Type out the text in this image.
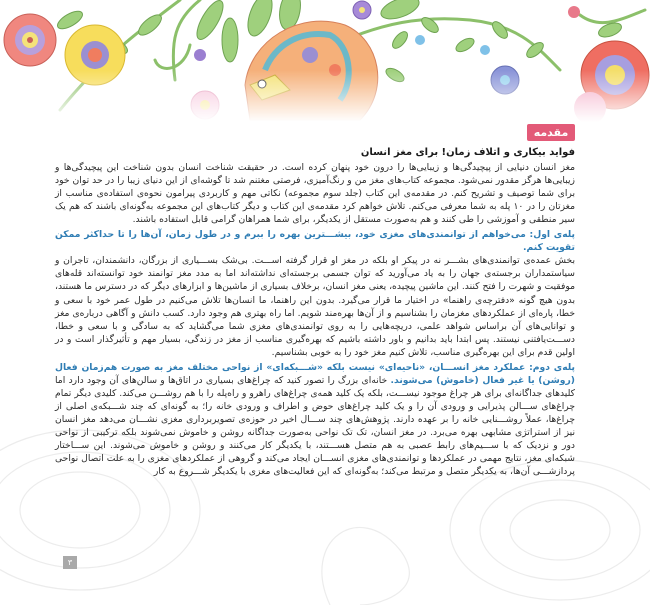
مقدمه

فواید بیکاری و اتلاف زمان! برای مغز انسان

مغز انسان دنیایی از پیچیدگی‌ها و زیبایی‌ها را درون خود پنهان کرده است. در حقیقت شناخت انسان بدون شناخت این پیچیدگی‌ها و زیبایی‌ها هرگز مقدور نمی‌شود. مجموعه کتاب‌های مغز من و رنگ‌آمیزی، فرصتی مغتنم شد تا گوشه‌ای از این دنیای زیبا را در حد توان خود برای شما توصیف و تشریح کنم. در مقدمه‌ی این کتاب (جلد سوم مجموعه) نکاتی مهم و کاربردی پیرامون نحوه‌ی استفاده‌ی مناسب از مغزتان را در ۱۰ پله به شما معرفی می‌کنم. تلاش خواهم کرد مقدمه‌ی این کتاب و دیگر کتاب‌های این مجموعه به‌گونه‌ای باشند که هم یک سیر منطقی و آموزشی را طی کنند و هم به‌صورت مستقل از یکدیگر، برای شما همراهان گرامی قابل استفاده باشند.

پله‌ی اول: می‌خواهم از توانمندی‌های مغزی خود، بیشـــترین بهره را ببرم و در طول زمان، آن‌ها را تا حداکثر ممکن تقویت کنم.
بخش عمده‌ی توانمندی‌های بشـــر نه در پیکر او بلکه در مغز او قرار گرفته اســـت. بی‌شک بســـیاری از بزرگان، دانشمندان، تاجران و سیاستمداران برجسته‌ی جهان را به یاد می‌آورید که توان جسمی برجسته‌ای نداشته‌اند اما به مدد مغز توانمند خود توانسته‌اند قله‌های موفقیت و شهرت را فتح کنند. این ماشین پیچیده، یعنی مغز انسان، برخلاف بسیاری از ماشین‌ها و ابزارهای دیگر که در دسترس ما هستند، بدون هیچ گونه «دفترچه‌ی راهنما» در اختیار ما قرار می‌گیرد. بدون این راهنما، ما انسان‌ها تلاش می‌کنیم در طول عمر خود با سعی و خطا، پاره‌ای از عملکردهای مغزمان را بشناسیم و از آن‌ها بهره‌مند شویم. اما راه بهتری هم وجود دارد. کسب دانش و آگاهی درباره‌ی مغز و توانایی‌های آن براساس شواهد علمی، دریچه‌هایی را به روی توانمندی‌های مغزی شما می‌گشاید که به سادگی و با سعی و خطا، دســـت‌یافتنی نیستند. پس ابتدا باید بدانیم و باور داشته باشیم که بهره‌گیری مناسب از مغز در زندگی، بسیار مهم و تأثیرگذار است و در اولین قدم برای این بهره‌گیری مناسب، تلاش کنیم مغز خود را به خوبی بشناسیم.

پله‌ی دوم: عملکرد مغز انســـان، «ناحیه‌ای» نیست بلکه «شـــبکه‌ای» از نواحی مختلف مغز به صورت هم‌زمان فعال (روشن) یا غیر فعال (خاموش) می‌شوند. خانه‌ای بزرگ را تصور کنید که چراغ‌های بسیاری در اتاق‌ها و سالن‌های آن وجود دارد اما کلیدهای جداگانه‌ای برای هر چراغ موجود نیســـت، بلکه یک کلید همه‌ی چراغ‌های راهرو و راه‌پله را با هم روشـــن می‌کند. کلیدی دیگر تمام چراغ‌های ســـالن پذیرایی و ورودی آن را و یک کلید چراغ‌های حوض و اطراف و ورودی خانه را؛ به گونه‌ای که چند شـــبکه‌ی اصلی از چراغ‌ها، عملاً روشـــنایی خانه را بر عهده دارند. پژوهش‌های چند ســـال اخیر در حوزه‌ی تصویربرداری مغزی نشـــان می‌دهد مغز انسان نیز از استراتژی مشابهی بهره می‌برد. در مغز انسان، تک تک نواحی به‌صورت جداگانه روشن و خاموش نمی‌شوند بلکه ترکیبی از نواحی دور و نزدیک که با ســـیم‌های رابط عصبی به هم متصل هســـتند، با یکدیگر کار می‌کنند و روشن و خاموش می‌شوند. این ســـاختار شبکه‌ای مغز، نتایج مهمی در عملکردها و توانمندی‌های مغزی انســـان ایجاد می‌کند و گروهی از عملکردهای مغزی را به علت اتصال نواحی پردازشـــی آن‌ها، به یکدیگر متصل و مرتبط می‌کند؛ به‌گونه‌ای که این فعالیت‌های مغزی با یکدیگر شـــروع به کار

۳
